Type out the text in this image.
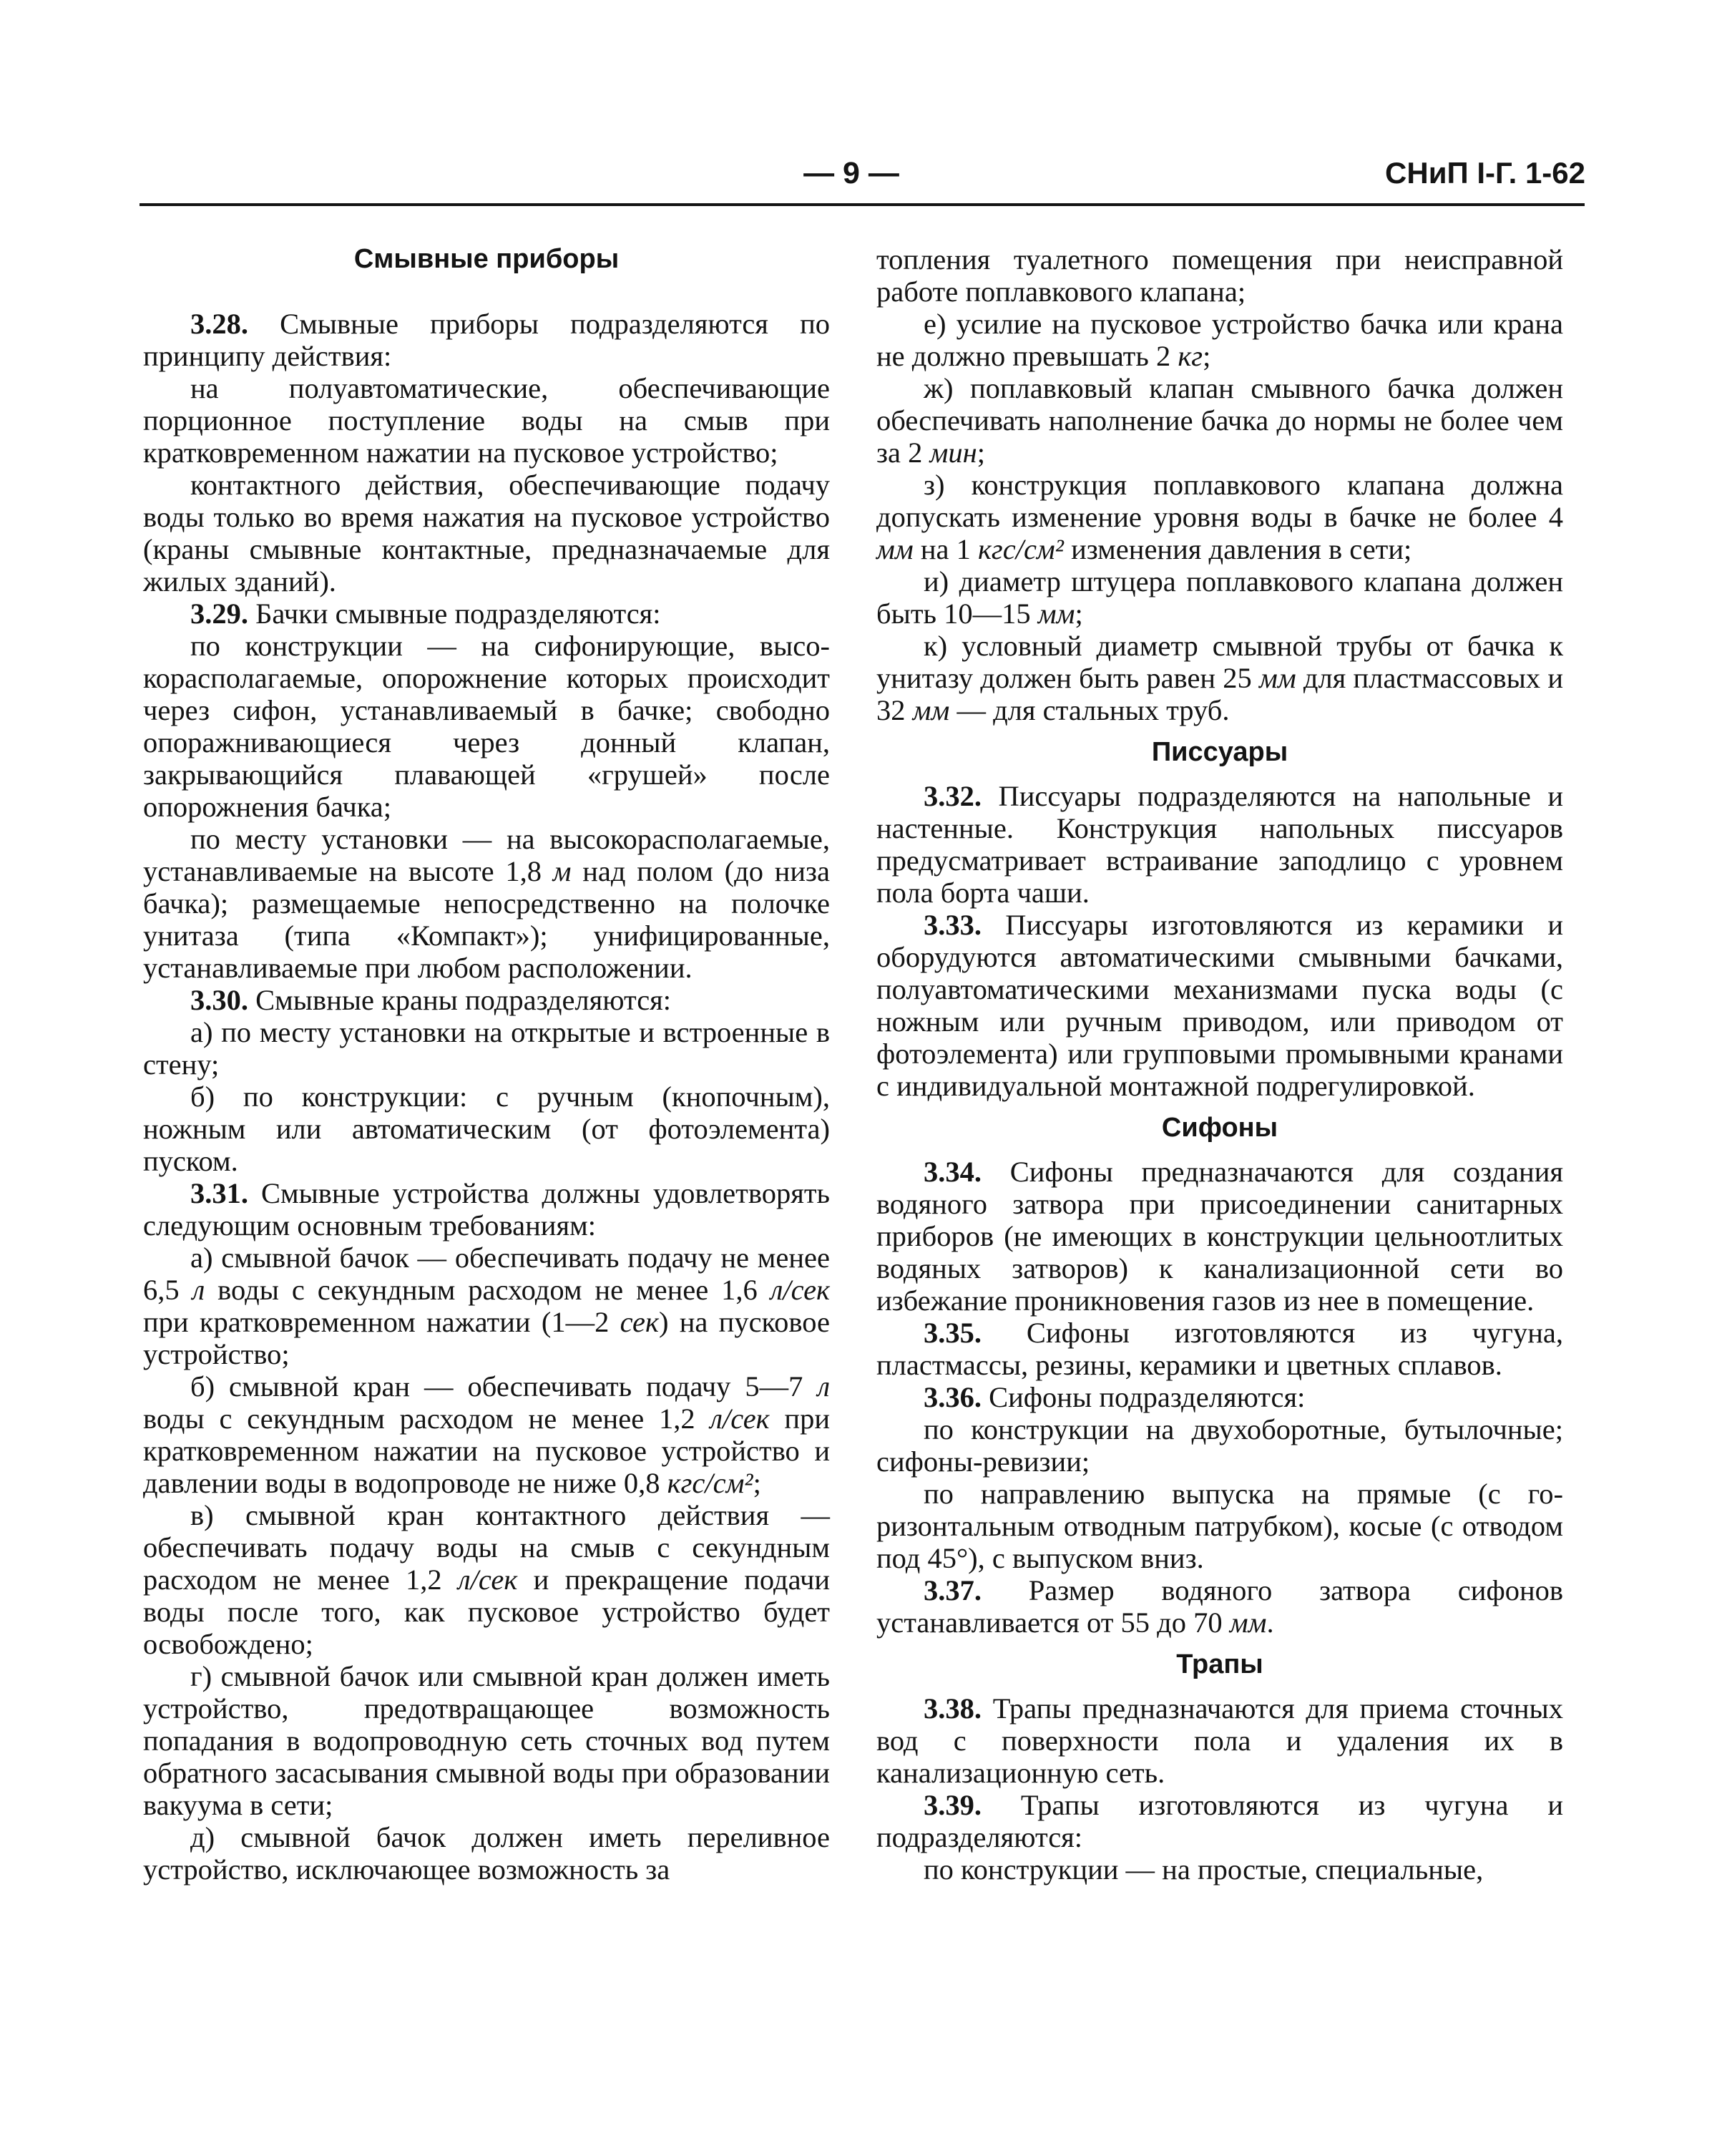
— 9 —	СНиП I-Г. 1-62
Смывные приборы

3.28. Смывные приборы подразделяются по принципу действия:

на полуавтоматические, обеспечивающие порционное поступление воды на смыв при кратковременном нажатии на пусковое устройство;

контактного действия, обеспечивающие подачу воды только во время нажатия на пусковое устройство (краны смывные контактные, предназначаемые для жилых зданий).

3.29. Бачки смывные подразделяются:

по конструкции — на сифонирующие, высокорасполагаемые, опорожнение которых происходит через сифон, устанавливаемый в бачке; свободно опоражнивающиеся через донный клапан, закрывающийся плавающей «грушей» после опорожнения бачка;

по месту установки — на высокорасполагаемые, устанавливаемые на высоте 1,8 м над полом (до низа бачка); размещаемые непосредственно на полочке унитаза (типа «Компакт»); унифицированные, устанавливаемые при любом расположении.

3.30. Смывные краны подразделяются:

а) по месту установки на открытые и встроенные в стену;

б) по конструкции: с ручным (кнопочным), ножным или автоматическим (от фотоэлемента) пуском.

3.31. Смывные устройства должны удовлетворять следующим основным требованиям:

а) смывной бачок — обеспечивать подачу не менее 6,5 л воды с секундным расходом не менее 1,6 л/сек при кратковременном нажатии (1—2 сек) на пусковое устройство;

б) смывной кран — обеспечивать подачу 5—7 л воды с секундным расходом не менее 1,2 л/сек при кратковременном нажатии на пусковое устройство и давлении воды в водопроводе не ниже 0,8 кгс/см²;

в) смывной кран контактного действия — обеспечивать подачу воды на смыв с секундным расходом не менее 1,2 л/сек и прекращение подачи воды после того, как пусковое устройство будет освобождено;

г) смывной бачок или смывной кран должен иметь устройство, предотвращающее возможность попадания в водопроводную сеть сточных вод путем обратного засасывания смывной воды при образовании вакуума в сети;

д) смывной бачок должен иметь переливное устройство, исключающее возможность за

топления туалетного помещения при неисправной работе поплавкового клапана;

е) усилие на пусковое устройство бачка или крана не должно превышать 2 кг;

ж) поплавковый клапан смывного бачка должен обеспечивать наполнение бачка до нормы не более чем за 2 мин;

з) конструкция поплавкового клапана должна допускать изменение уровня воды в бачке не более 4 мм на 1 кгс/см² изменения давления в сети;

и) диаметр штуцера поплавкового клапана должен быть 10—15 мм;

к) условный диаметр смывной трубы от бачка к унитазу должен быть равен 25 мм для пластмассовых и 32 мм — для стальных труб.

Писсуары

3.32. Писсуары подразделяются на напольные и настенные. Конструкция напольных писсуаров предусматривает встраивание заподлицо с уровнем пола борта чаши.

3.33. Писсуары изготовляются из керамики и оборудуются автоматическими смывными бачками, полуавтоматическими механизмами пуска воды (с ножным или ручным приводом, или приводом от фотоэлемента) или групповыми промывными кранами с индивидуальной монтажной подрегулировкой.

Сифоны

3.34. Сифоны предназначаются для создания водяного затвора при присоединении санитарных приборов (не имеющих в конструкции цельноотлитых водяных затворов) к канализационной сети во избежание проникновения газов из нее в помещение.

3.35. Сифоны изготовляются из чугуна, пластмассы, резины, керамики и цветных сплавов.

3.36. Сифоны подразделяются:

по конструкции на двухоборотные, бутылочные; сифоны-ревизии;

по направлению выпуска на прямые (с горизонтальным отводным патрубком), косые (с отводом под 45°), с выпуском вниз.

3.37. Размер водяного затвора сифонов устанавливается от 55 до 70 мм.

Трапы

3.38. Трапы предназначаются для приема сточных вод с поверхности пола и удаления их в канализационную сеть.

3.39. Трапы изготовляются из чугуна и подразделяются:

по конструкции — на простые, специальные,
